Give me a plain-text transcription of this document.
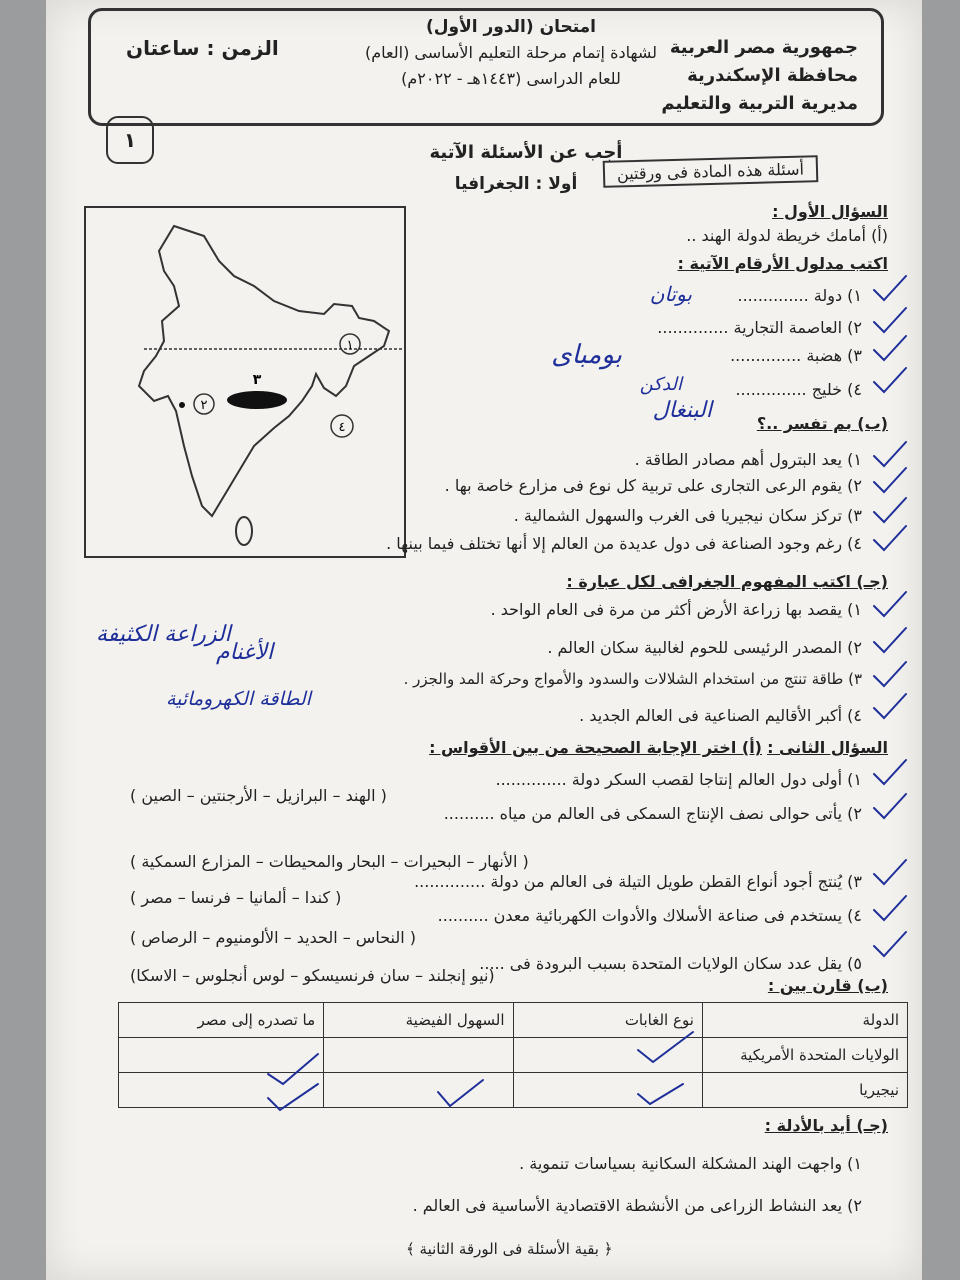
جمهورية مصر العربية
محافظة الإسكندرية
مديرية التربية والتعليم
امتحان (الدور الأول)
لشهادة إتمام مرحلة التعليم الأساسى (العام)
للعام الدراسى (١٤٤٣هـ - ٢٠٢٢م)
الزمن : ساعتان
١
أجب عن الأسئلة الآتية
أولا : الجغرافيا
أسئلة هذه المادة فى ورقتين
السؤال الأول :
(أ) أمامك خريطة لدولة الهند ..
اكتب مدلول الأرقام الآتية :
١) دولة ..............
بوتان
٢) العاصمة التجارية ..............
بومباى	٣) هضبة ..............
الدكن	٤) خليج ..............
البنغال
١
٢
٣
٤	(ب) بم تفسر ..؟
١) يعد البترول أهم مصادر الطاقة .
٢) يقوم الرعى التجارى على تربية كل نوع فى مزارع خاصة بها .
٣) تركز سكان نيجيريا فى الغرب والسهول الشمالية .
٤) رغم وجود الصناعة فى دول عديدة من العالم إلا أنها تختلف فيما بينها .
(جـ) اكتب المفهوم الجغرافى لكل عبارة :
١) يقصد بها زراعة الأرض أكثر من مرة فى العام الواحد .
الزراعة الكثيفة
٢) المصدر الرئيسى للحوم لغالبية سكان العالم .
الأغنام
٣) طاقة تنتج من استخدام الشلالات والسدود والأمواج وحركة المد والجزر .
الطاقة الكهرومائية
٤) أكبر الأقاليم الصناعية فى العالم الجديد .
السؤال الثانى :
(أ) اختر الإجابة الصحيحة من بين الأقواس :
١) أولى دول العالم إنتاجا لقصب السكر دولة ..............
( الهند – البرازيل – الأرجنتين – الصين )
٢) يأتى حوالى نصف الإنتاج السمكى فى العالم من مياه ..........
( الأنهار – البحيرات – البحار والمحيطات – المزارع السمكية )
٣) يُنتج أجود أنواع القطن طويل التيلة فى العالم من دولة ..............
( كندا – ألمانيا – فرنسا – مصر )
٤) يستخدم فى صناعة الأسلاك والأدوات الكهربائية معدن ..........
( النحاس – الحديد – الألومنيوم – الرصاص )
٥) يقل عدد سكان الولايات المتحدة بسبب البرودة فى .....
(نيو إنجلند – سان فرنسيسكو – لوس أنجلوس – الاسكا)
(ب) قارن بين :
الدولة	نوع الغابات	السهول الفيضية	ما تصدره إلى مصر
الولايات المتحدة الأمريكية			
نيجيريا			
(جـ) أيد بالأدلة :
١) واجهت الهند المشكلة السكانية بسياسات تنموية .
٢) يعد النشاط الزراعى من الأنشطة الاقتصادية الأساسية فى العالم .
﴿ بقية الأسئلة فى الورقة الثانية ﴾
